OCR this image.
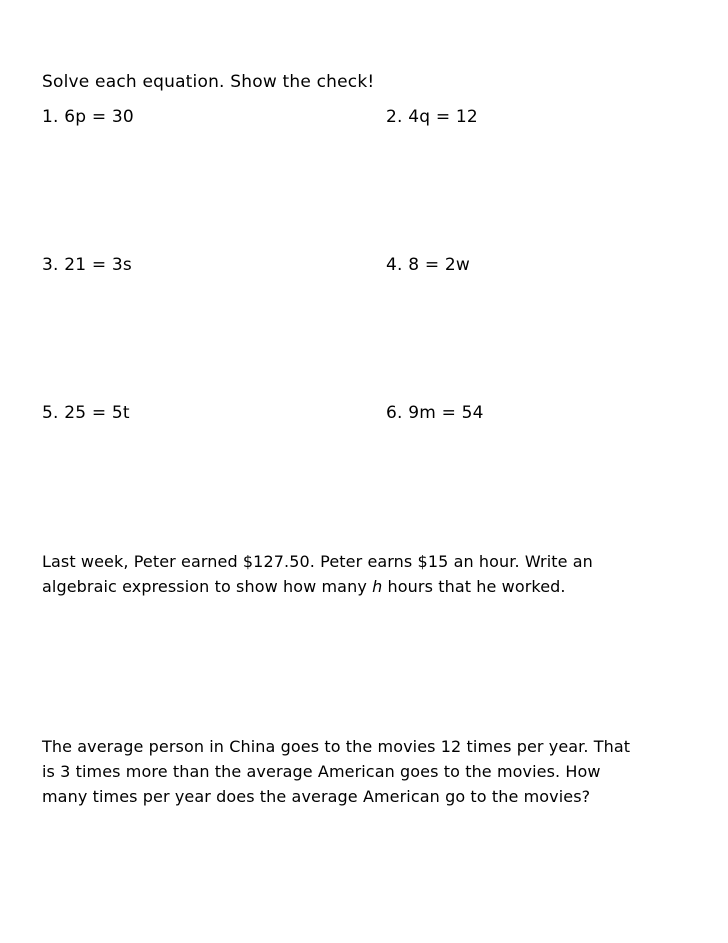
Solve each equation. Show the check!
1. 6p = 30	2. 4q = 12
3. 21 = 3s	4. 8 = 2w
5. 25 = 5t	6. 9m = 54
Last week, Peter earned $127.50. Peter earns $15 an hour. Write an
algebraic expression to show how many h hours that he worked.
The average person in China goes to the movies 12 times per year. That
is 3 times more than the average American goes to the movies. How
many times per year does the average American go to the movies?
